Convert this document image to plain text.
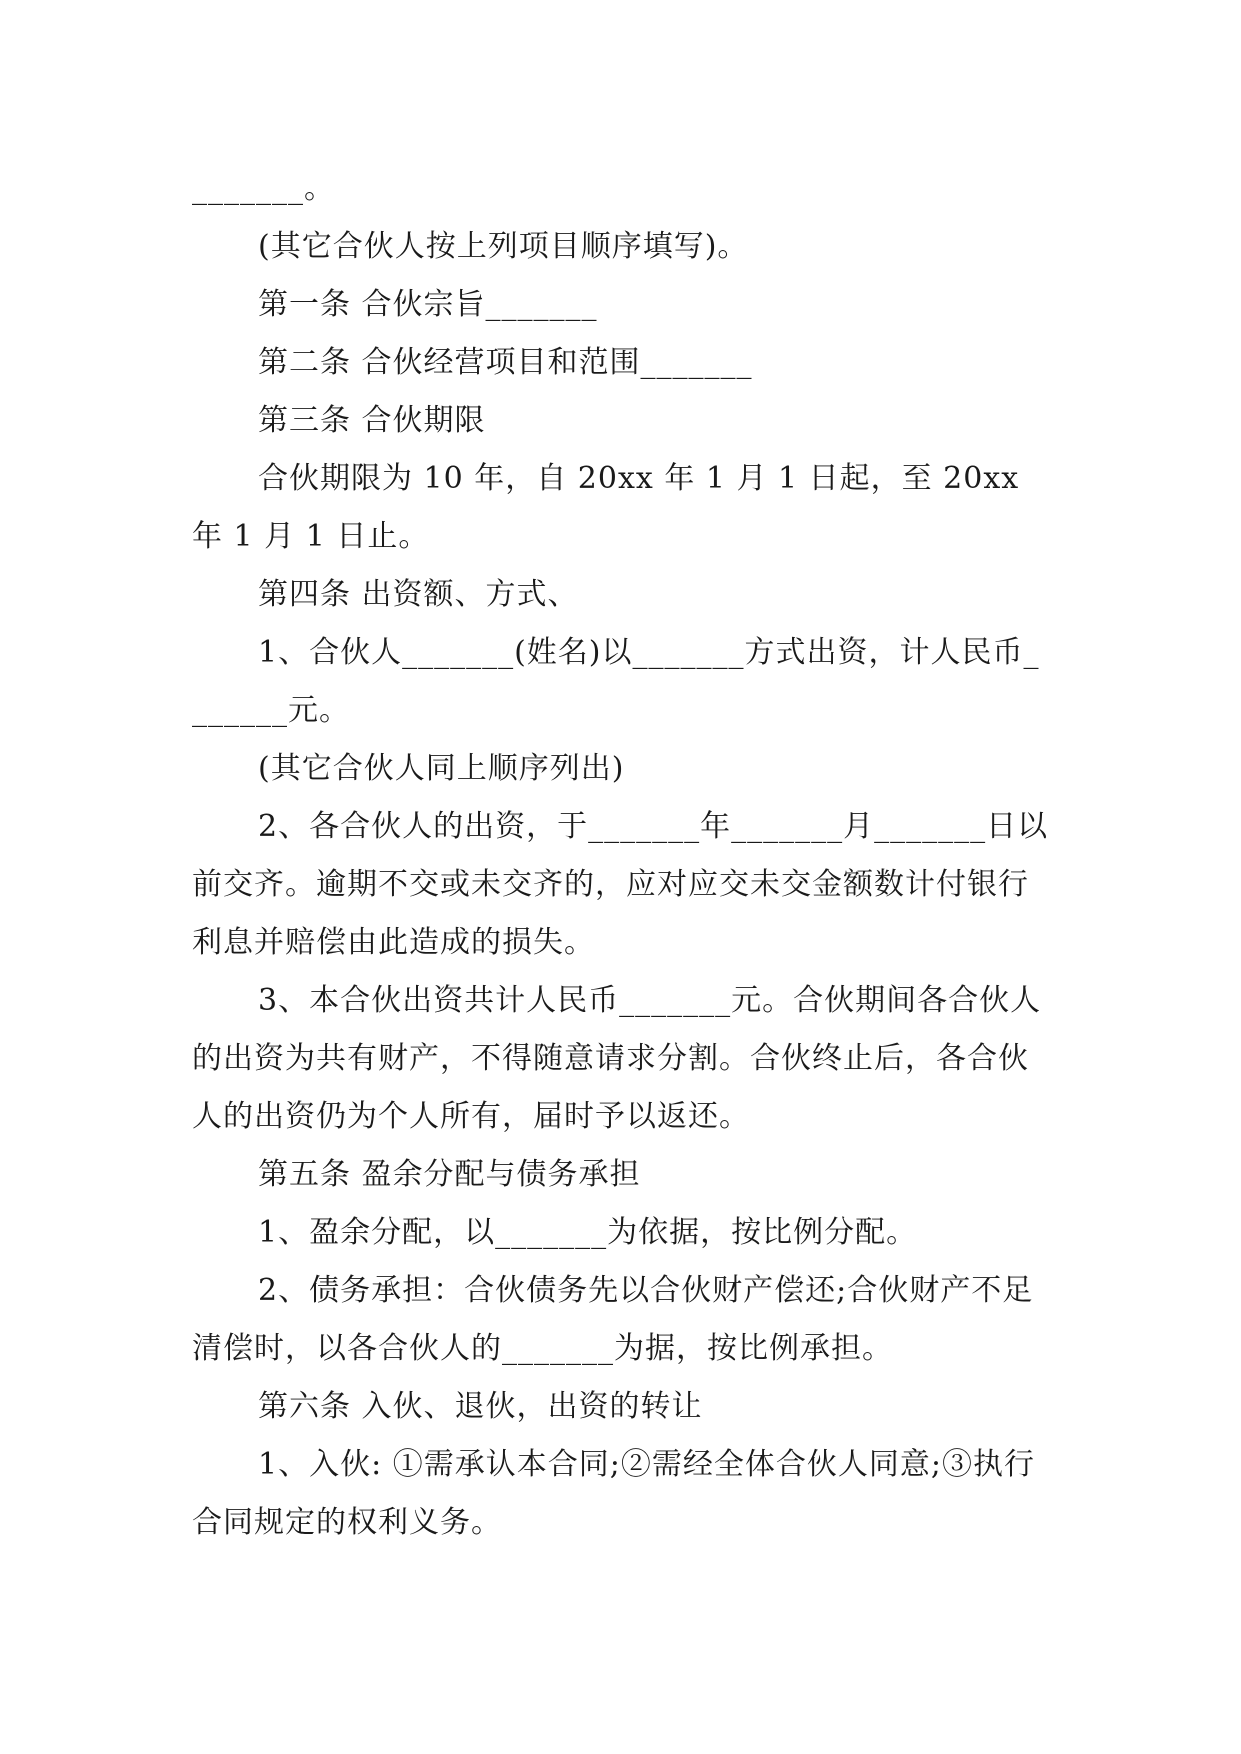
_______。

(其它合伙人按上列项目顺序填写)。

第一条 合伙宗旨_______

第二条 合伙经营项目和范围_______

第三条 合伙期限

合伙期限为 10 年，自 20xx 年 1 月 1 日起，至 20xx 年 1 月 1 日止。

第四条 出资额、方式、

1、合伙人_______(姓名)以_______方式出资，计人民币_______元。

(其它合伙人同上顺序列出)

2、各合伙人的出资，于_______年_______月_______日以前交齐。逾期不交或未交齐的，应对应交未交金额数计付银行利息并赔偿由此造成的损失。

3、本合伙出资共计人民币_______元。合伙期间各合伙人的出资为共有财产，不得随意请求分割。合伙终止后，各合伙人的出资仍为个人所有，届时予以返还。

第五条 盈余分配与债务承担

1、盈余分配，以_______为依据，按比例分配。

2、债务承担：合伙债务先以合伙财产偿还;合伙财产不足清偿时，以各合伙人的_______为据，按比例承担。

第六条 入伙、退伙，出资的转让

1、入伙: ①需承认本合同;②需经全体合伙人同意;③执行合同规定的权利义务。
